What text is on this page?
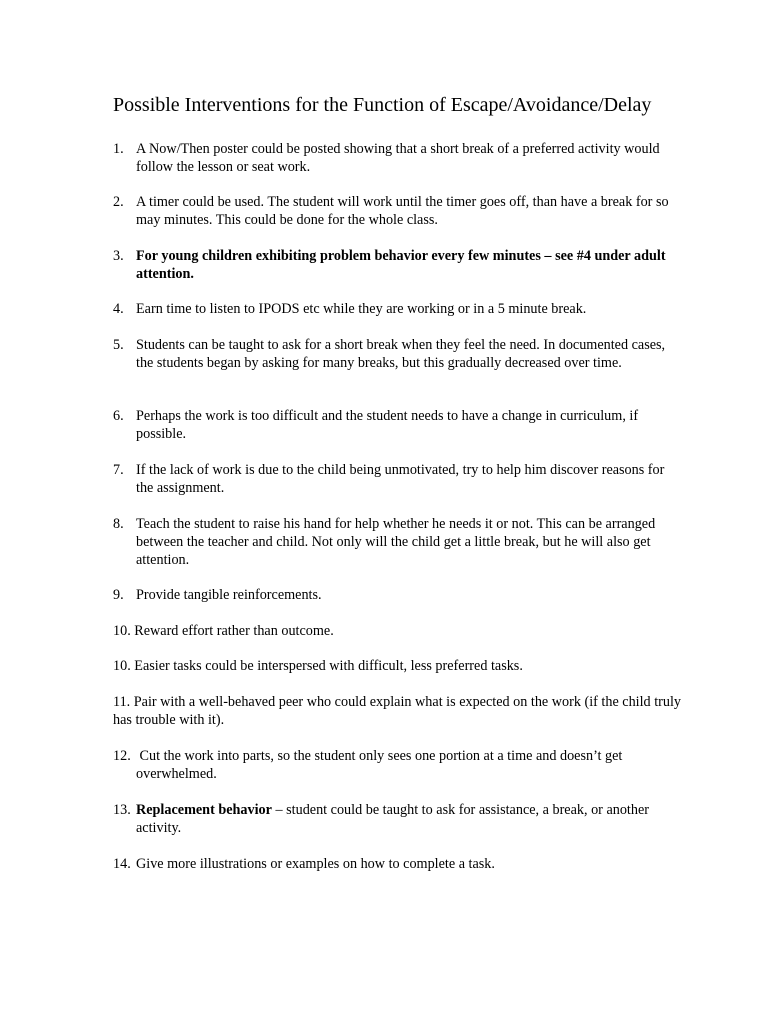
Possible Interventions for the Function of Escape/Avoidance/Delay
1. A Now/Then poster could be posted showing that a short break of a preferred activity would follow the lesson or seat work.
2. A timer could be used. The student will work until the timer goes off, than have a break for so may minutes. This could be done for the whole class.
3. For young children exhibiting problem behavior every few minutes – see #4 under adult attention.
4. Earn time to listen to IPODS etc while they are working or in a 5 minute break.
5. Students can be taught to ask for a short break when they feel the need. In documented cases, the students began by asking for many breaks, but this gradually decreased over time.
6. Perhaps the work is too difficult and the student needs to have a change in curriculum, if possible.
7. If the lack of work is due to the child being unmotivated, try to help him discover reasons for the assignment.
8. Teach the student to raise his hand for help whether he needs it or not. This can be arranged between the teacher and child. Not only will the child get a little break, but he will also get attention.
9. Provide tangible reinforcements.
10. Reward effort rather than outcome.
10. Easier tasks could be interspersed with difficult, less preferred tasks.
11. Pair with a well-behaved peer who could explain what is expected on the work (if the child truly has trouble with it).
12. Cut the work into parts, so the student only sees one portion at a time and doesn’t get overwhelmed.
13. Replacement behavior – student could be taught to ask for assistance, a break, or another activity.
14. Give more illustrations or examples on how to complete a task.
